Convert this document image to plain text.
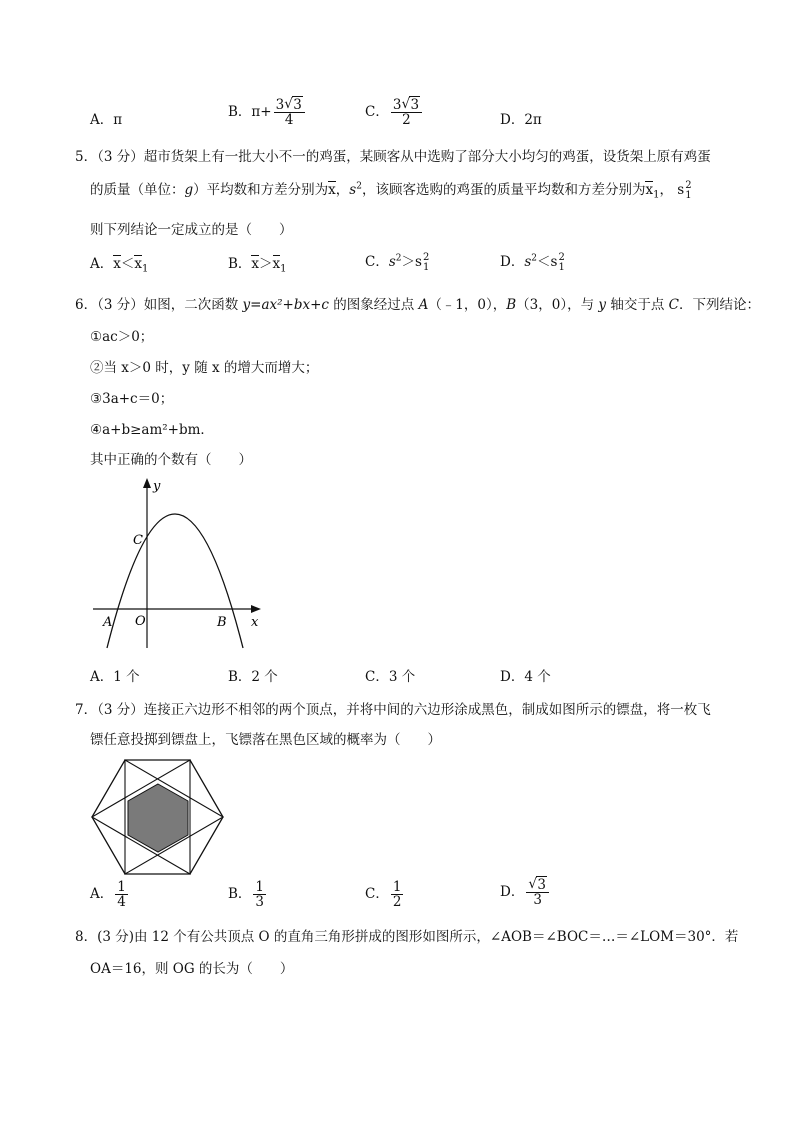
A．π	B．$\pi+ \frac{3 √ 3}{4}$	C． $\frac{3 √ 3}{2}$	D．2π
5．（3 分）超市货架上有一批大小不一的鸡蛋，某顾客从中选购了部分大小均匀的鸡蛋，设货架上原有鸡蛋
的质量（单位：g）平均数和方差分别为x，$s^2$，该顾客选购的鸡蛋的质量平均数和方差分别为$x_1$， s 2
1
则下列结论一定成立的是（　　）
A．$x<x_1$	B．$x>x_1$	C．$s^2>s$ 2
1	D．$s^2<s$ 2
1
6．（3 分）如图，二次函数 y=ax²+bx+c 的图象经过点 A（﹣1，0），B（3，0），与 y 轴交于点 C．下列结论：
①ac＞0；
②当 x＞0 时，y 随 x 的增大而增大；
③3a+c＝0；
④a+b≥am²+bm．
其中正确的个数有（　　）
y
x
C
O
A	B
A．1 个	B．2 个	C．3 个	D．4 个
7．（3 分）连接正六边形不相邻的两个顶点，并将中间的六边形涂成黑色，制成如图所示的镖盘，将一枚飞
镖任意投掷到镖盘上，飞镖落在黑色区域的概率为（　　）
A． $\frac{1}{4}$	B． $\frac{1}{3}$	C． $\frac{1}{2}$	D． √ $\frac{3}{3}$
8．(3 分)由 12 个有公共顶点 O 的直角三角形拼成的图形如图所示，∠AOB＝∠BOC＝…＝∠LOM＝30°．若
OA＝16，则 OG 的长为（　　）
